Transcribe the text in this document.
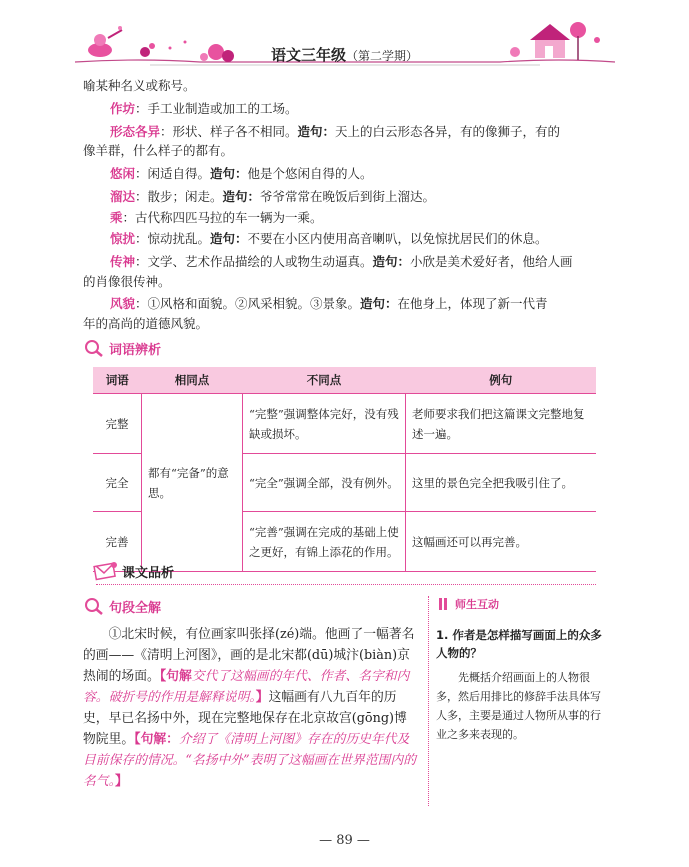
语文三年级（第二学期）
喻某种名义或称号。
作坊：手工业制造或加工的工场。
形态各异：形状、样子各不相同。造句：天上的白云形态各异，有的像狮子，有的
像羊群，什么样子的都有。
悠闲：闲适自得。造句：他是个悠闲自得的人。
溜达：散步；闲走。造句：爷爷常常在晚饭后到街上溜达。
乘：古代称四匹马拉的车一辆为一乘。
惊扰：惊动扰乱。造句：不要在小区内使用高音喇叭，以免惊扰居民们的休息。
传神：文学、艺术作品描绘的人或物生动逼真。造句：小欣是美术爱好者，他给人画
的肖像很传神。
风貌：①风格和面貌。②风采相貌。③景象。造句：在他身上，体现了新一代青
年的高尚的道德风貌。
词语辨析
词语	相同点	不同点	例句
完整	都有“完备”的意思。	“完整”强调整体完好，没有残缺或损坏。	老师要求我们把这篇课文完整地复述一遍。
完全		“完全”强调全部，没有例外。	这里的景色完全把我吸引住了。
完善		“完善”强调在完成的基础上使之更好，有锦上添花的作用。	这幅画还可以再完善。
课文品析
句段全解

①北宋时候，有位画家叫张择(zé)端。他画了一幅著名的画——《清明上河图》，画的是北宋都(dū)城汴(biàn)京热闹的场面。【句解交代了这幅画的年代、作者、名字和内容。破折号的作用是解释说明。】这幅画有八九百年的历史，早已名扬中外，现在完整地保存在北京故宫(gōng)博物院里。【句解：介绍了《清明上河图》存在的历史年代及目前保存的情况。“名扬中外”表明了这幅画在世界范围内的名气。】

师生互动
1. 作者是怎样描写画面上的众多人物的？
先概括介绍画面上的人物很多，然后用排比的修辞手法具体写人多，主要是通过人物所从事的行业之多来表现的。
— 89 —
